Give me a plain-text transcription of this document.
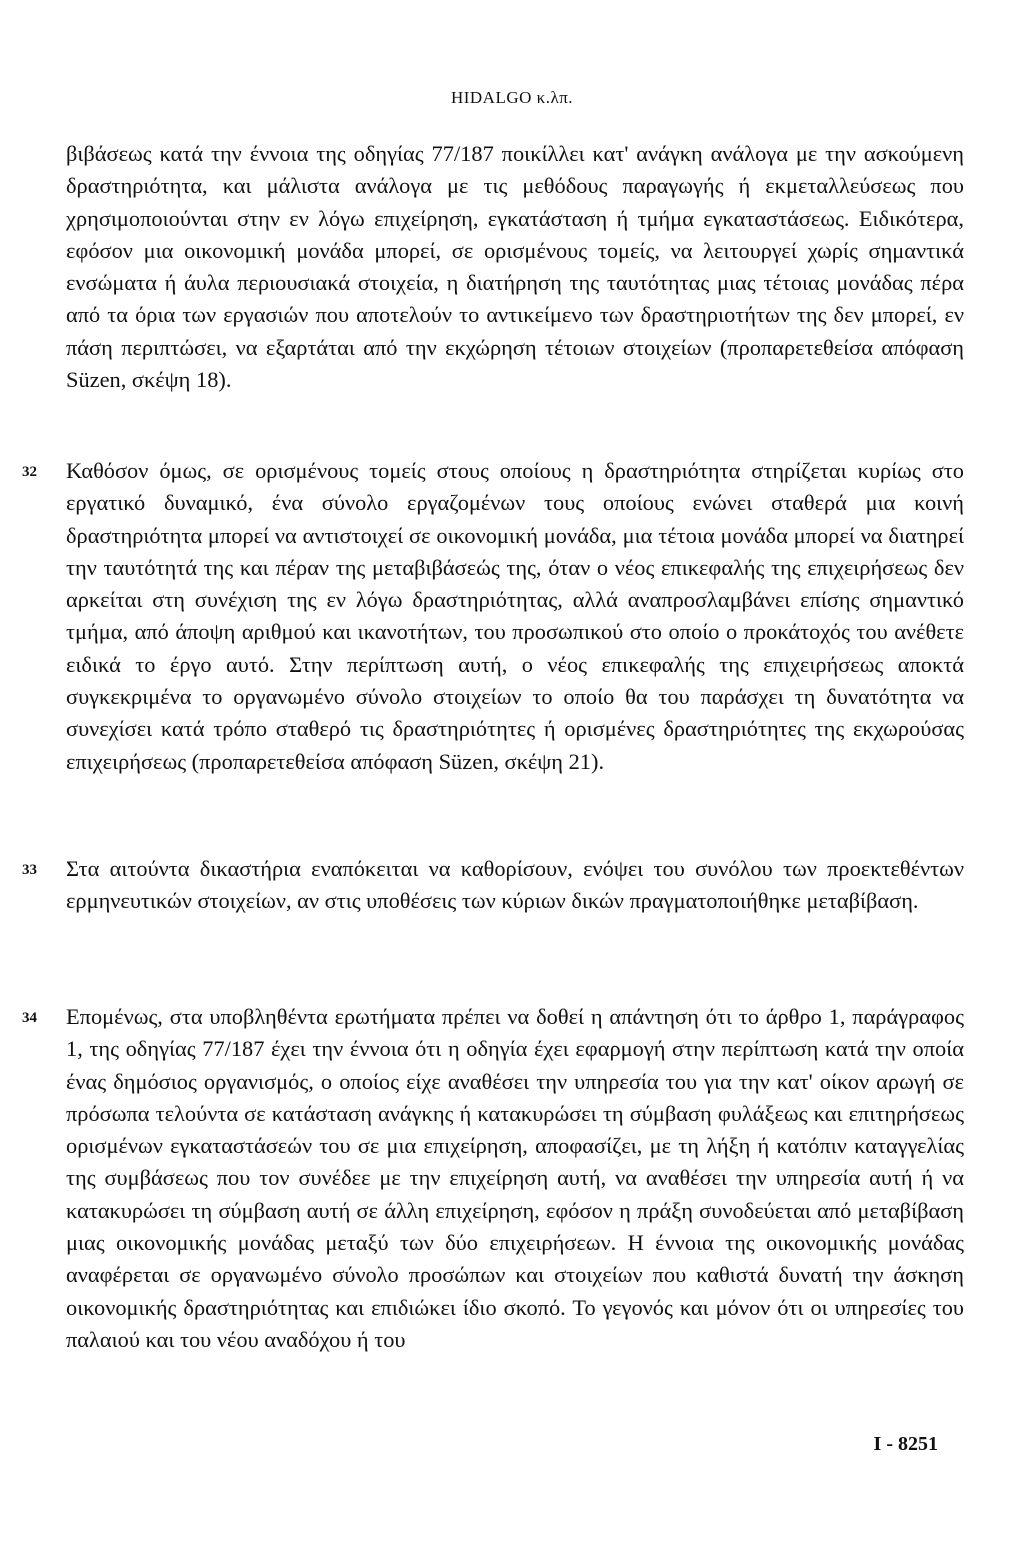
HIDALGO κ.λπ.

βιβάσεως κατά την έννοια της οδηγίας 77/187 ποικίλλει κατ' ανάγκη ανάλογα με την ασκούμενη δραστηριότητα, και μάλιστα ανάλογα με τις μεθόδους παραγωγής ή εκμεταλλεύσεως που χρησιμοποιούνται στην εν λόγω επιχείρηση, εγκατάσταση ή τμήμα εγκαταστάσεως. Ειδικότερα, εφόσον μια οικονομική μονάδα μπορεί, σε ορισμένους τομείς, να λειτουργεί χωρίς σημαντικά ενσώματα ή άυλα περιουσιακά στοιχεία, η διατήρηση της ταυτότητας μιας τέτοιας μονάδας πέρα από τα όρια των εργασιών που αποτελούν το αντικείμενο των δραστηριοτήτων της δεν μπορεί, εν πάση περιπτώσει, να εξαρτάται από την εκχώρηση τέτοιων στοιχείων (προπαρετεθείσα απόφαση Süzen, σκέψη 18).

32 Καθόσον όμως, σε ορισμένους τομείς στους οποίους η δραστηριότητα στηρίζεται κυρίως στο εργατικό δυναμικό, ένα σύνολο εργαζομένων τους οποίους ενώνει σταθερά μια κοινή δραστηριότητα μπορεί να αντιστοιχεί σε οικονομική μονάδα, μια τέτοια μονάδα μπορεί να διατηρεί την ταυτότητά της και πέραν της μεταβιβάσεώς της, όταν ο νέος επικεφαλής της επιχειρήσεως δεν αρκείται στη συνέχιση της εν λόγω δραστηριότητας, αλλά αναπροσλαμβάνει επίσης σημαντικό τμήμα, από άποψη αριθμού και ικανοτήτων, του προσωπικού στο οποίο ο προκάτοχός του ανέθετε ειδικά το έργο αυτό. Στην περίπτωση αυτή, ο νέος επικεφαλής της επιχειρήσεως αποκτά συγκεκριμένα το οργανωμένο σύνολο στοιχείων το οποίο θα του παράσχει τη δυνατότητα να συνεχίσει κατά τρόπο σταθερό τις δραστηριότητες ή ορισμένες δραστηριότητες της εκχωρούσας επιχειρήσεως (προπαρετεθείσα απόφαση Süzen, σκέψη 21).

33 Στα αιτούντα δικαστήρια εναπόκειται να καθορίσουν, ενόψει του συνόλου των προεκτεθέντων ερμηνευτικών στοιχείων, αν στις υποθέσεις των κύριων δικών πραγματοποιήθηκε μεταβίβαση.

34 Επομένως, στα υποβληθέντα ερωτήματα πρέπει να δοθεί η απάντηση ότι το άρθρο 1, παράγραφος 1, της οδηγίας 77/187 έχει την έννοια ότι η οδηγία έχει εφαρμογή στην περίπτωση κατά την οποία ένας δημόσιος οργανισμός, ο οποίος είχε αναθέσει την υπηρεσία του για την κατ' οίκον αρωγή σε πρόσωπα τελούντα σε κατάσταση ανάγκης ή κατακυρώσει τη σύμβαση φυλάξεως και επιτηρήσεως ορισμένων εγκαταστάσεών του σε μια επιχείρηση, αποφασίζει, με τη λήξη ή κατόπιν καταγγελίας της συμβάσεως που τον συνέδεε με την επιχείρηση αυτή, να αναθέσει την υπηρεσία αυτή ή να κατακυρώσει τη σύμβαση αυτή σε άλλη επιχείρηση, εφόσον η πράξη συνοδεύεται από μεταβίβαση μιας οικονομικής μονάδας μεταξύ των δύο επιχειρήσεων. Η έννοια της οικονομικής μονάδας αναφέρεται σε οργανωμένο σύνολο προσώπων και στοιχείων που καθιστά δυνατή την άσκηση οικονομικής δραστηριότητας και επιδιώκει ίδιο σκοπό. Το γεγονός και μόνον ότι οι υπηρεσίες του παλαιού και του νέου αναδόχου ή του

I - 8251
